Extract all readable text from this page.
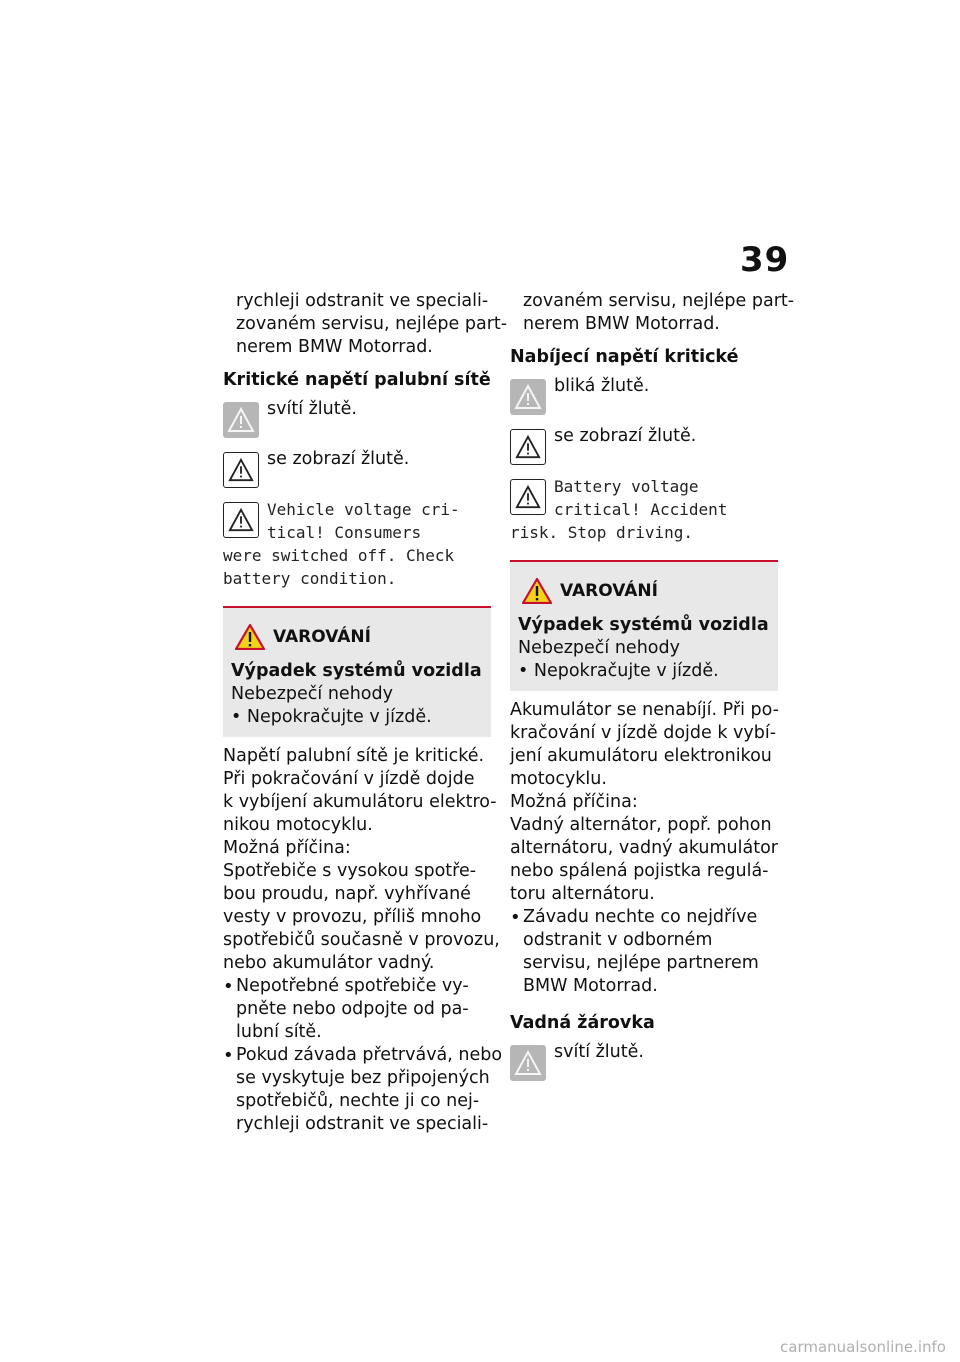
39
rychleji odstranit ve speciali-
zovaném servisu, nejlépe part-
nerem BMW Motorrad.
Kritické napětí palubní sítě
svítí žlutě.
se zobrazí žlutě.
Vehicle voltage cri-
tical! Consumers
were switched off. Check
battery condition.
VAROVÁNÍ
Výpadek systémů vozidla
Nebezpečí nehody
• Nepokračujte v jízdě.
Napětí palubní sítě je kritické.
Při pokračování v jízdě dojde
k vybíjení akumulátoru elektro-
nikou motocyklu.
Možná příčina:
Spotřebiče s vysokou spotře-
bou proudu, např. vyhřívané
vesty v provozu, příliš mnoho
spotřebičů současně v provozu,
nebo akumulátor vadný.
• Nepotřebné spotřebiče vy-
pněte nebo odpojte od pa-
lubní sítě.
• Pokud závada přetrvává, nebo
se vyskytuje bez připojených
spotřebičů, nechte ji co nej-
rychleji odstranit ve speciali-
zovaném servisu, nejlépe part-
nerem BMW Motorrad.
Nabíjecí napětí kritické
bliká žlutě.
se zobrazí žlutě.
Battery voltage
critical! Accident
risk. Stop driving.
VAROVÁNÍ
Výpadek systémů vozidla
Nebezpečí nehody
• Nepokračujte v jízdě.
Akumulátor se nenabíjí. Při po-
kračování v jízdě dojde k vybí-
jení akumulátoru elektronikou
motocyklu.
Možná příčina:
Vadný alternátor, popř. pohon
alternátoru, vadný akumulátor
nebo spálená pojistka regulá-
toru alternátoru.
• Závadu nechte co nejdříve
odstranit v odborném
servisu, nejlépe partnerem
BMW Motorrad.
Vadná žárovka
svítí žlutě.
carmanualsonline.info
